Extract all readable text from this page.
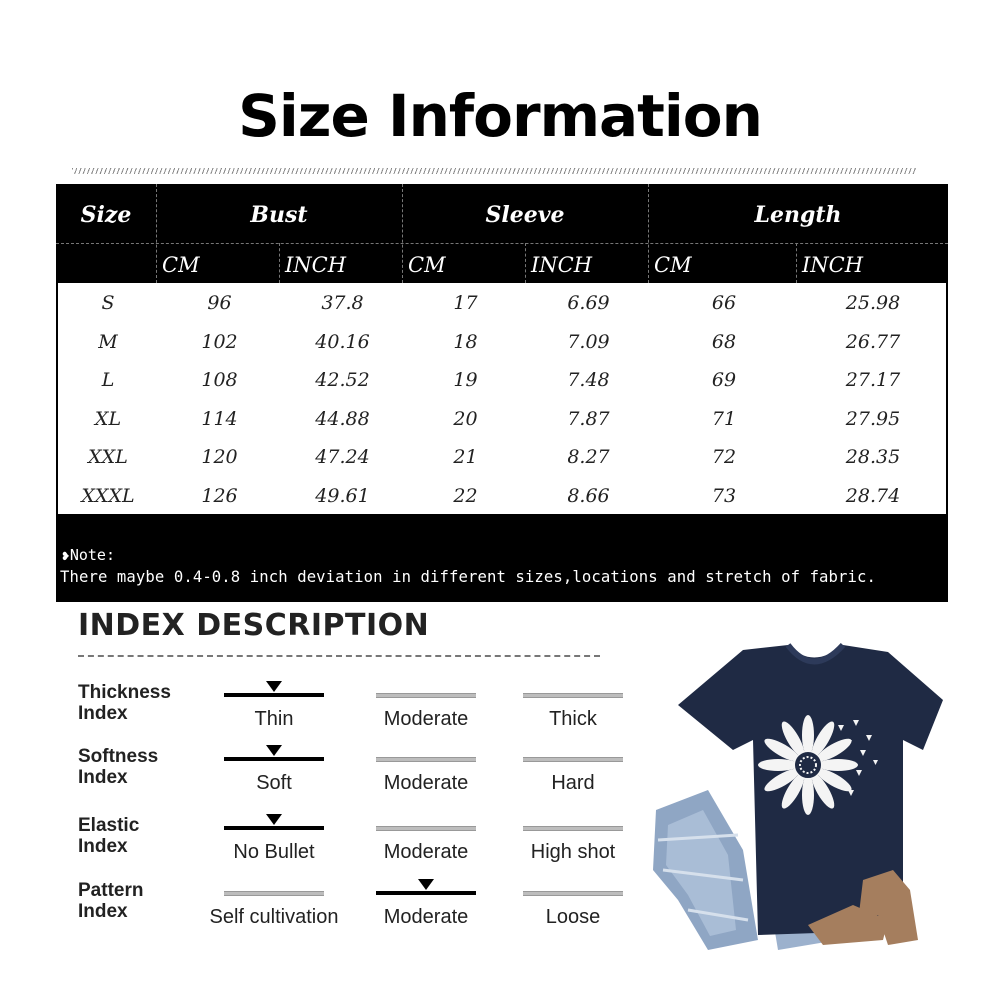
Size Information
Size	Bust	Sleeve	Length
CM	INCH	CM	INCH	CM	INCH
S	96	37.8	17	6.69	66	25.98
M	102	40.16	18	7.09	68	26.77
L	108	42.52	19	7.48	69	27.17
XL	114	44.88	20	7.87	71	27.95
XXL	120	47.24	21	8.27	72	28.35
XXXL	126	49.61	22	8.66	73	28.74
❥Note:
There maybe 0.4-0.8 inch deviation in different sizes,locations and stretch of fabric.
INDEX DESCRIPTION
Thickness
Index	Thin	Moderate	Thick
Softness
Index	Soft	Moderate	Hard
Elastic
Index	No Bullet	Moderate	High shot
Pattern
Index	Self cultivation	Moderate	Loose
